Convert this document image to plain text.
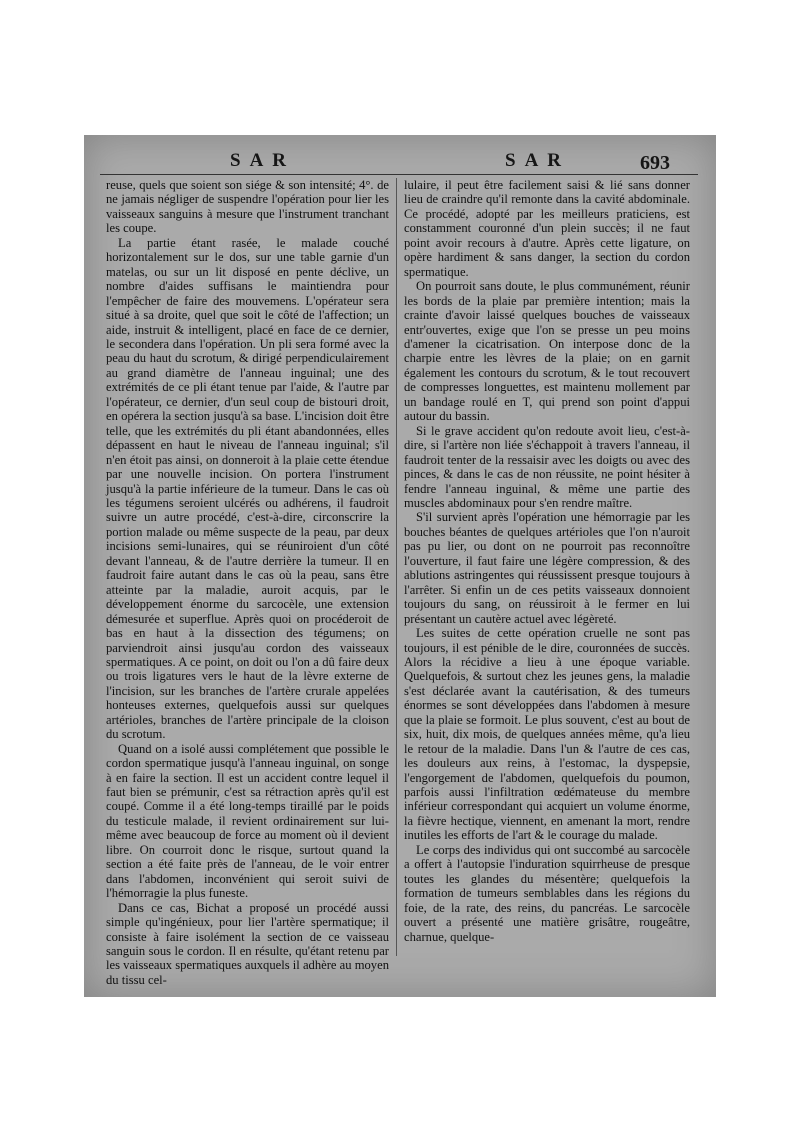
SAR	SAR	693

reuse, quels que soient son siége & son intensité; 4°. de ne jamais négliger de suspendre l'opération pour lier les vaisseaux sanguins à mesure que l'instrument tranchant les coupe.

La partie étant rasée, le malade couché horizontalement sur le dos, sur une table garnie d'un matelas, ou sur un lit disposé en pente déclive, un nombre d'aides suffisans le maintiendra pour l'empêcher de faire des mouvemens. L'opérateur sera situé à sa droite, quel que soit le côté de l'affection; un aide, instruit & intelligent, placé en face de ce dernier, le secondera dans l'opération. Un pli sera formé avec la peau du haut du scrotum, & dirigé perpendiculairement au grand diamètre de l'anneau inguinal; une des extrémités de ce pli étant tenue par l'aide, & l'autre par l'opérateur, ce dernier, d'un seul coup de bistouri droit, en opérera la section jusqu'à sa base. L'incision doit être telle, que les extrémités du pli étant abandonnées, elles dépassent en haut le niveau de l'anneau inguinal; s'il n'en étoit pas ainsi, on donneroit à la plaie cette étendue par une nouvelle incision. On portera l'instrument jusqu'à la partie inférieure de la tumeur. Dans le cas où les tégumens seroient ulcérés ou adhérens, il faudroit suivre un autre procédé, c'est-à-dire, circonscrire la portion malade ou même suspecte de la peau, par deux incisions semi-lunaires, qui se réuniroient d'un côté devant l'anneau, & de l'autre derrière la tumeur. Il en faudroit faire autant dans le cas où la peau, sans être atteinte par la maladie, auroit acquis, par le développement énorme du sarcocèle, une extension démesurée et superflue. Après quoi on procéderoit de bas en haut à la dissection des tégumens; on parviendroit ainsi jusqu'au cordon des vaisseaux spermatiques. A ce point, on doit ou l'on a dû faire deux ou trois ligatures vers le haut de la lèvre externe de l'incision, sur les branches de l'artère crurale appelées honteuses externes, quelquefois aussi sur quelques artérioles, branches de l'artère principale de la cloison du scrotum.

Quand on a isolé aussi complétement que possible le cordon spermatique jusqu'à l'anneau inguinal, on songe à en faire la section. Il est un accident contre lequel il faut bien se prémunir, c'est sa rétraction après qu'il est coupé. Comme il a été long-temps tiraillé par le poids du testicule malade, il revient ordinairement sur lui-même avec beaucoup de force au moment où il devient libre. On courroit donc le risque, surtout quand la section a été faite près de l'anneau, de le voir entrer dans l'abdomen, inconvénient qui seroit suivi de l'hémorragie la plus funeste.

Dans ce cas, Bichat a proposé un procédé aussi simple qu'ingénieux, pour lier l'artère spermatique; il consiste à faire isolément la section de ce vaisseau sanguin sous le cordon. Il en résulte, qu'étant retenu par les vaisseaux spermatiques auxquels il adhère au moyen du tissu cel-

lulaire, il peut être facilement saisi & lié sans donner lieu de craindre qu'il remonte dans la cavité abdominale. Ce procédé, adopté par les meilleurs praticiens, est constamment couronné d'un plein succès; il ne faut point avoir recours à d'autre. Après cette ligature, on opère hardiment & sans danger, la section du cordon spermatique.

On pourroit sans doute, le plus communément, réunir les bords de la plaie par première intention; mais la crainte d'avoir laissé quelques bouches de vaisseaux entr'ouvertes, exige que l'on se presse un peu moins d'amener la cicatrisation. On interpose donc de la charpie entre les lèvres de la plaie; on en garnit également les contours du scrotum, & le tout recouvert de compresses longuettes, est maintenu mollement par un bandage roulé en T, qui prend son point d'appui autour du bassin.

Si le grave accident qu'on redoute avoit lieu, c'est-à-dire, si l'artère non liée s'échappoit à travers l'anneau, il faudroit tenter de la ressaisir avec les doigts ou avec des pinces, & dans le cas de non réussite, ne point hésiter à fendre l'anneau inguinal, & même une partie des muscles abdominaux pour s'en rendre maître.

S'il survient après l'opération une hémorragie par les bouches béantes de quelques artérioles que l'on n'auroit pas pu lier, ou dont on ne pourroit pas reconnoître l'ouverture, il faut faire une légère compression, & des ablutions astringentes qui réussissent presque toujours à l'arrêter. Si enfin un de ces petits vaisseaux donnoient toujours du sang, on réussiroit à le fermer en lui présentant un cautère actuel avec légèreté.

Les suites de cette opération cruelle ne sont pas toujours, il est pénible de le dire, couronnées de succès. Alors la récidive a lieu à une époque variable. Quelquefois, & surtout chez les jeunes gens, la maladie s'est déclarée avant la cautérisation, & des tumeurs énormes se sont développées dans l'abdomen à mesure que la plaie se formoit. Le plus souvent, c'est au bout de six, huit, dix mois, de quelques années même, qu'a lieu le retour de la maladie. Dans l'un & l'autre de ces cas, les douleurs aux reins, à l'estomac, la dyspepsie, l'engorgement de l'abdomen, quelquefois du poumon, parfois aussi l'infiltration œdémateuse du membre inférieur correspondant qui acquiert un volume énorme, la fièvre hectique, viennent, en amenant la mort, rendre inutiles les efforts de l'art & le courage du malade.

Le corps des individus qui ont succombé au sarcocèle a offert à l'autopsie l'induration squirrheuse de presque toutes les glandes du mésentère; quelquefois la formation de tumeurs semblables dans les régions du foie, de la rate, des reins, du pancréas. Le sarcocèle ouvert a présenté une matière grisâtre, rougeâtre, charnue, quelque-
